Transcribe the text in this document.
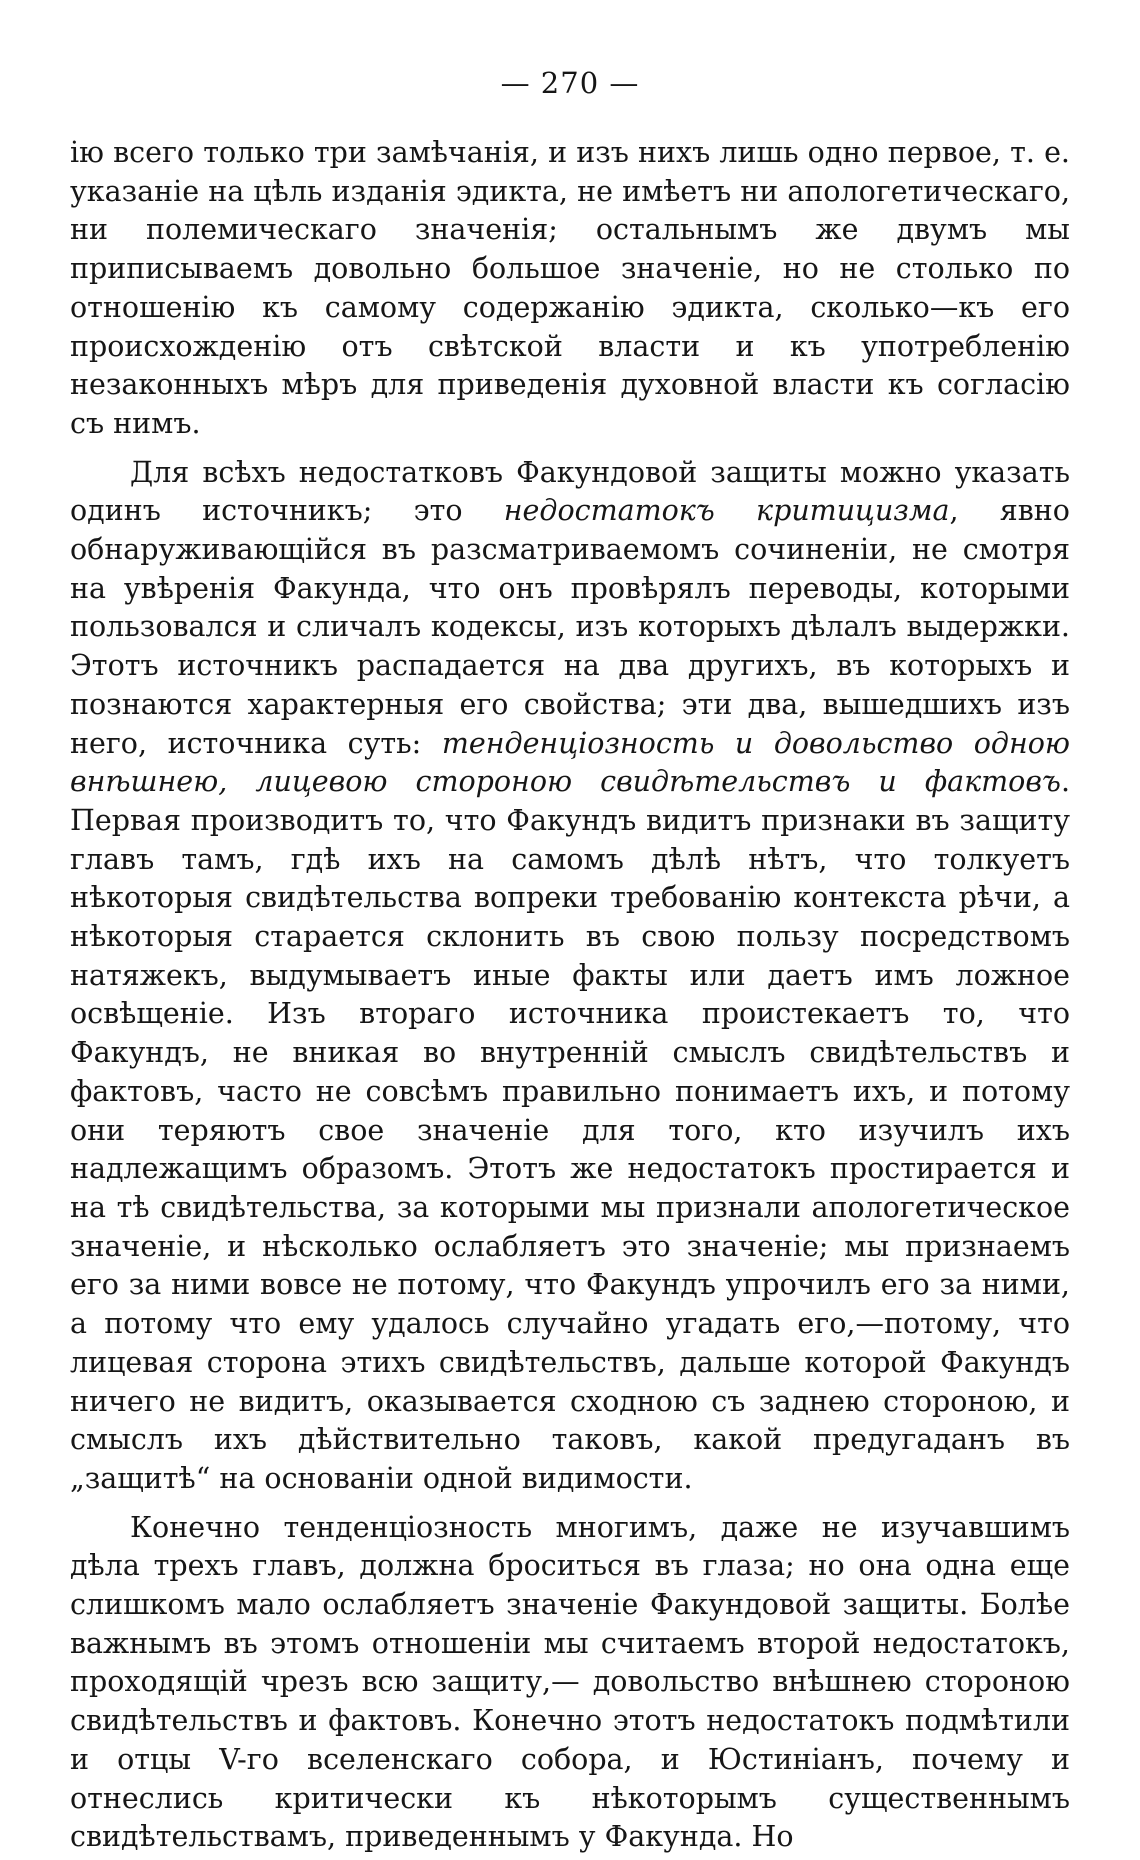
— 270 —

ію всего только три замѣчанія, и изъ нихъ лишь одно первое, т. е. указаніе на цѣль изданія эдикта, не имѣетъ ни апологетическаго, ни полемическаго значенія; остальнымъ же двумъ мы приписываемъ довольно большое значеніе, но не столько по отношенію къ самому содержанію эдикта, сколько—къ его происхожденію отъ свѣтской власти и къ употребленію незаконныхъ мѣръ для приведенія духовной власти къ согласію съ нимъ.

Для всѣхъ недостатковъ Факундовой защиты можно указать одинъ источникъ; это недостатокъ критицизма, явно обнаруживающійся въ разсматриваемомъ сочиненіи, не смотря на увѣренія Факунда, что онъ провѣрялъ переводы, которыми пользовался и сличалъ кодексы, изъ которыхъ дѣлалъ выдержки. Этотъ источникъ распадается на два другихъ, въ которыхъ и познаются характерныя его свойства; эти два, вышедшихъ изъ него, источника суть: тенденціозность и довольство одною внѣшнею, лицевою стороною свидѣтельствъ и фактовъ. Первая производитъ то, что Факундъ видитъ признаки въ защиту главъ тамъ, гдѣ ихъ на самомъ дѣлѣ нѣтъ, что толкуетъ нѣкоторыя свидѣтельства вопреки требованію контекста рѣчи, а нѣкоторыя старается склонить въ свою пользу посредствомъ натяжекъ, выдумываетъ иные факты или даетъ имъ ложное освѣщеніе. Изъ втораго источника проистекаетъ то, что Факундъ, не вникая во внутренній смыслъ свидѣтельствъ и фактовъ, часто не совсѣмъ правильно понимаетъ ихъ, и потому они теряютъ свое значеніе для того, кто изучилъ ихъ надлежащимъ образомъ. Этотъ же недостатокъ простирается и на тѣ свидѣтельства, за которыми мы признали апологетическое значеніе, и нѣсколько ослабляетъ это значеніе; мы признаемъ его за ними вовсе не потому, что Факундъ упрочилъ его за ними, а потому что ему удалось случайно угадать его,—потому, что лицевая сторона этихъ свидѣтельствъ, дальше которой Факундъ ничего не видитъ, оказывается сходною съ заднею стороною, и смыслъ ихъ дѣйствительно таковъ, какой предугаданъ въ „защитѣ“ на основаніи одной видимости.

Конечно тенденціозность многимъ, даже не изучавшимъ дѣла трехъ главъ, должна броситься въ глаза; но она одна еще слишкомъ мало ослабляетъ значеніе Факундовой защиты. Болѣе важнымъ въ этомъ отношеніи мы считаемъ второй недостатокъ, проходящій чрезъ всю защиту,— довольство внѣшнею стороною свидѣтельствъ и фактовъ. Конечно этотъ недостатокъ подмѣтили и отцы V-го вселенскаго собора, и Юстиніанъ, почему и отнеслись критически къ нѣкоторымъ существеннымъ свидѣтельствамъ, приведеннымъ у Факунда. Но
